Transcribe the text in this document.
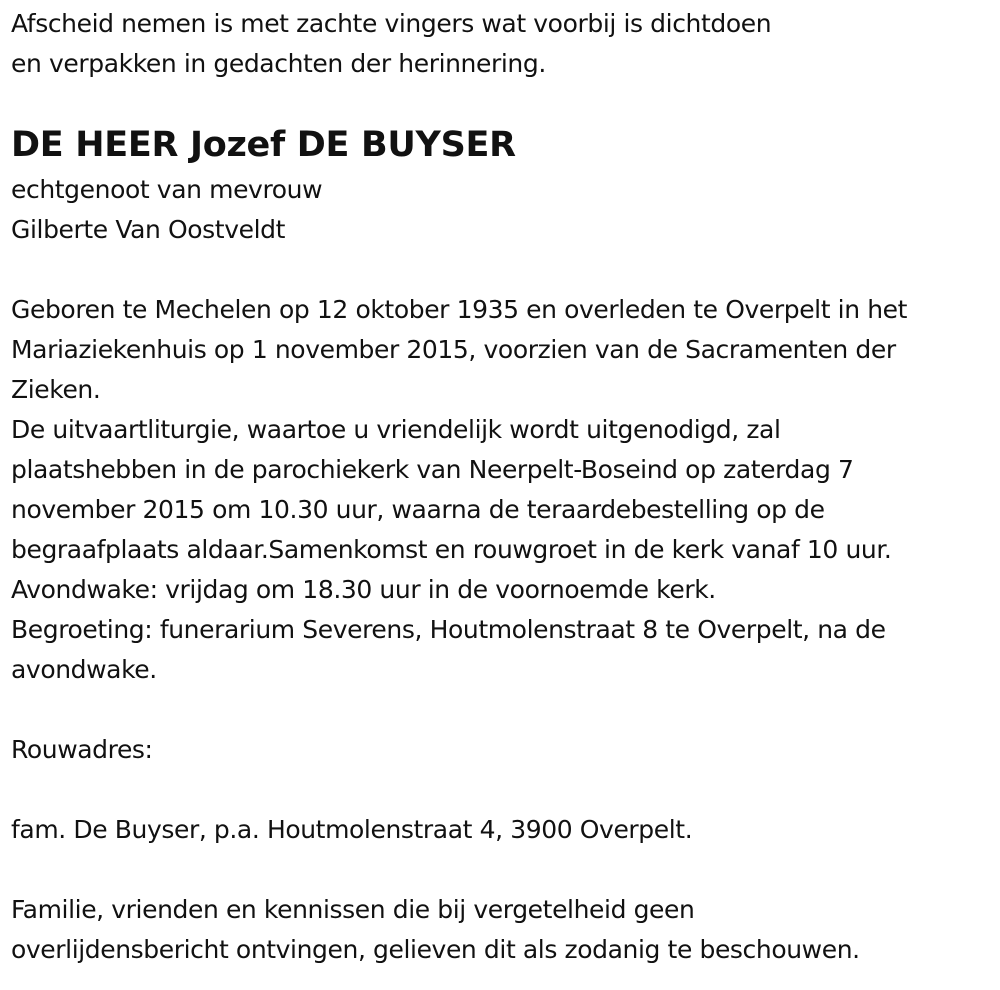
Afscheid nemen is met zachte vingers wat voorbij is dichtdoen

en verpakken in gedachten der herinnering.

DE HEER Jozef DE BUYSER

echtgenoot van mevrouw

Gilberte Van Oostveldt

Geboren te Mechelen op 12 oktober 1935 en overleden te Overpelt in het

Mariaziekenhuis op 1 november 2015, voorzien van de Sacramenten der

Zieken.

De uitvaartliturgie, waartoe u vriendelijk wordt uitgenodigd, zal

plaatshebben in de parochiekerk van Neerpelt-Boseind op zaterdag 7

november 2015 om 10.30 uur, waarna de teraardebestelling op de

begraafplaats aldaar.Samenkomst en rouwgroet in de kerk vanaf 10 uur.

Avondwake: vrijdag om 18.30 uur in de voornoemde kerk.

Begroeting: funerarium Severens, Houtmolenstraat 8 te Overpelt, na de

avondwake.

Rouwadres:

fam. De Buyser, p.a. Houtmolenstraat 4, 3900 Overpelt.

Familie, vrienden en kennissen die bij vergetelheid geen

overlijdensbericht ontvingen, gelieven dit als zodanig te beschouwen.
